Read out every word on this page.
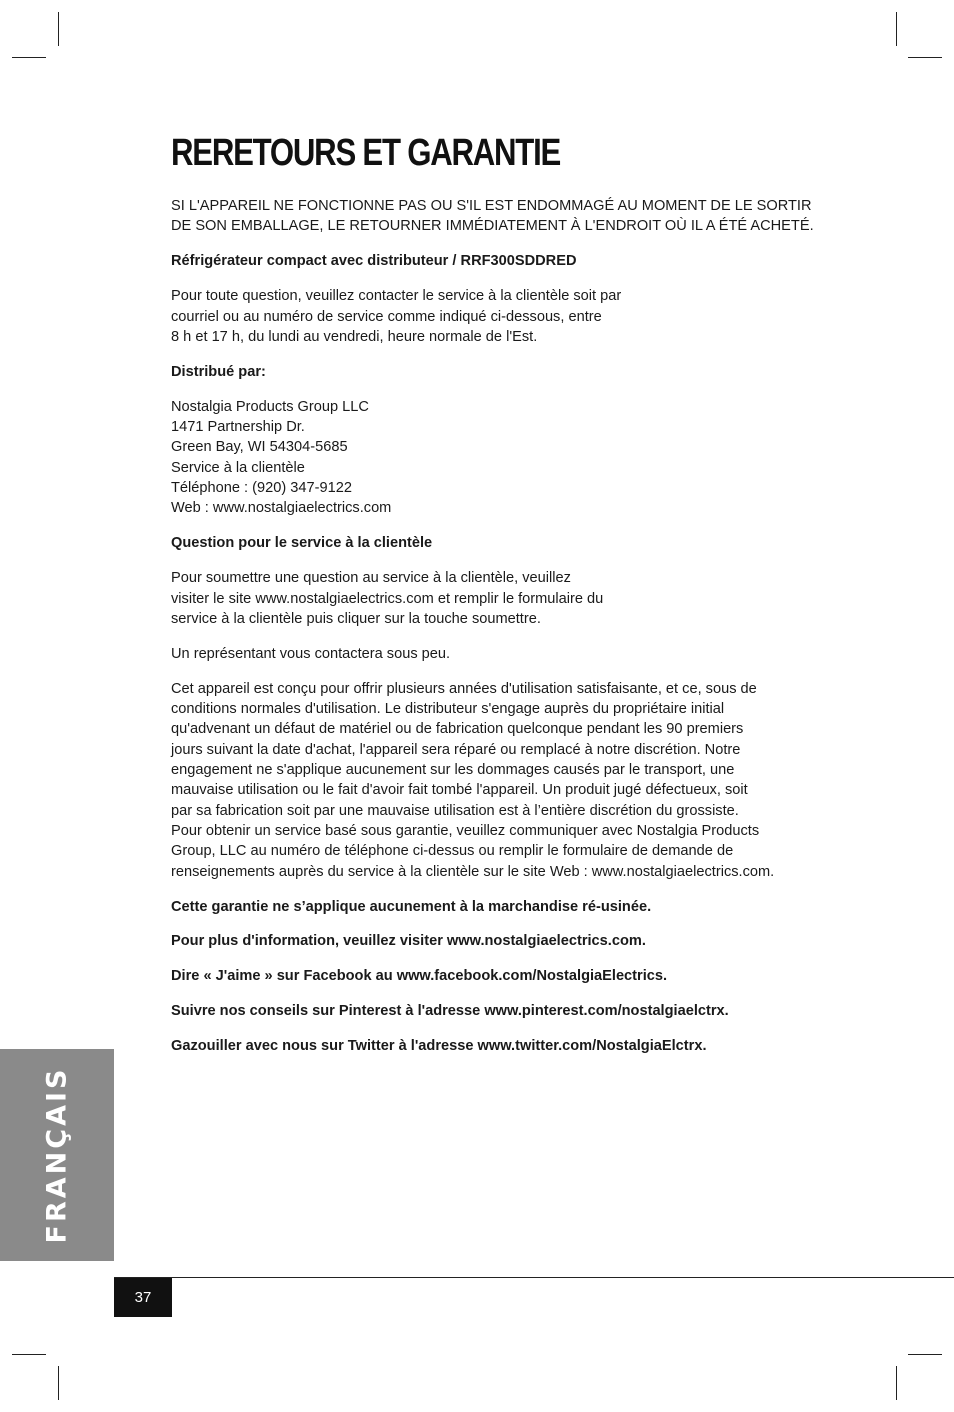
RERETOURS ET GARANTIE

SI L'APPAREIL NE FONCTIONNE PAS OU S'IL EST ENDOMMAGÉ AU MOMENT DE LE SORTIR DE SON EMBALLAGE, LE RETOURNER IMMÉDIATEMENT À L'ENDROIT OÙ IL A ÉTÉ ACHETÉ.

Réfrigérateur compact avec distributeur / RRF300SDDRED

Pour toute question, veuillez contacter le service à la clientèle soit par
courriel ou au numéro de service comme indiqué ci-dessous, entre
8 h et 17 h, du lundi au vendredi, heure normale de l'Est.

Distribué par:

Nostalgia Products Group LLC
1471 Partnership Dr.
Green Bay, WI 54304-5685
Service à la clientèle
Téléphone : (920) 347-9122
Web : www.nostalgiaelectrics.com

Question pour le service à la clientèle

Pour soumettre une question au service à la clientèle, veuillez
visiter le site www.nostalgiaelectrics.com et remplir le formulaire du
service à la clientèle puis cliquer sur la touche soumettre.

Un représentant vous contactera sous peu.

Cet appareil est conçu pour offrir plusieurs années d'utilisation satisfaisante, et ce, sous de
conditions normales d'utilisation. Le distributeur s'engage auprès du propriétaire initial
qu'advenant un défaut de matériel ou de fabrication quelconque pendant les 90 premiers
jours suivant la date d'achat, l'appareil sera réparé ou remplacé à notre discrétion. Notre
engagement ne s'applique aucunement sur les dommages causés par le transport, une
mauvaise utilisation ou le fait d'avoir fait tombé l'appareil. Un produit jugé défectueux, soit
par sa fabrication soit par une mauvaise utilisation est à l’entière discrétion du grossiste.
Pour obtenir un service basé sous garantie, veuillez communiquer avec Nostalgia Products
Group, LLC au numéro de téléphone ci-dessus ou remplir le formulaire de demande de
renseignements auprès du service à la clientèle sur le site Web : www.nostalgiaelectrics.com.

Cette garantie ne s’applique aucunement à la marchandise ré-usinée.

Pour plus d'information, veuillez visiter www.nostalgiaelectrics.com.

Dire « J'aime » sur Facebook au www.facebook.com/NostalgiaElectrics.

Suivre nos conseils sur Pinterest à l'adresse www.pinterest.com/nostalgiaelctrx.

Gazouiller avec nous sur Twitter à l'adresse www.twitter.com/NostalgiaElctrx.

FRANÇAIS
37
